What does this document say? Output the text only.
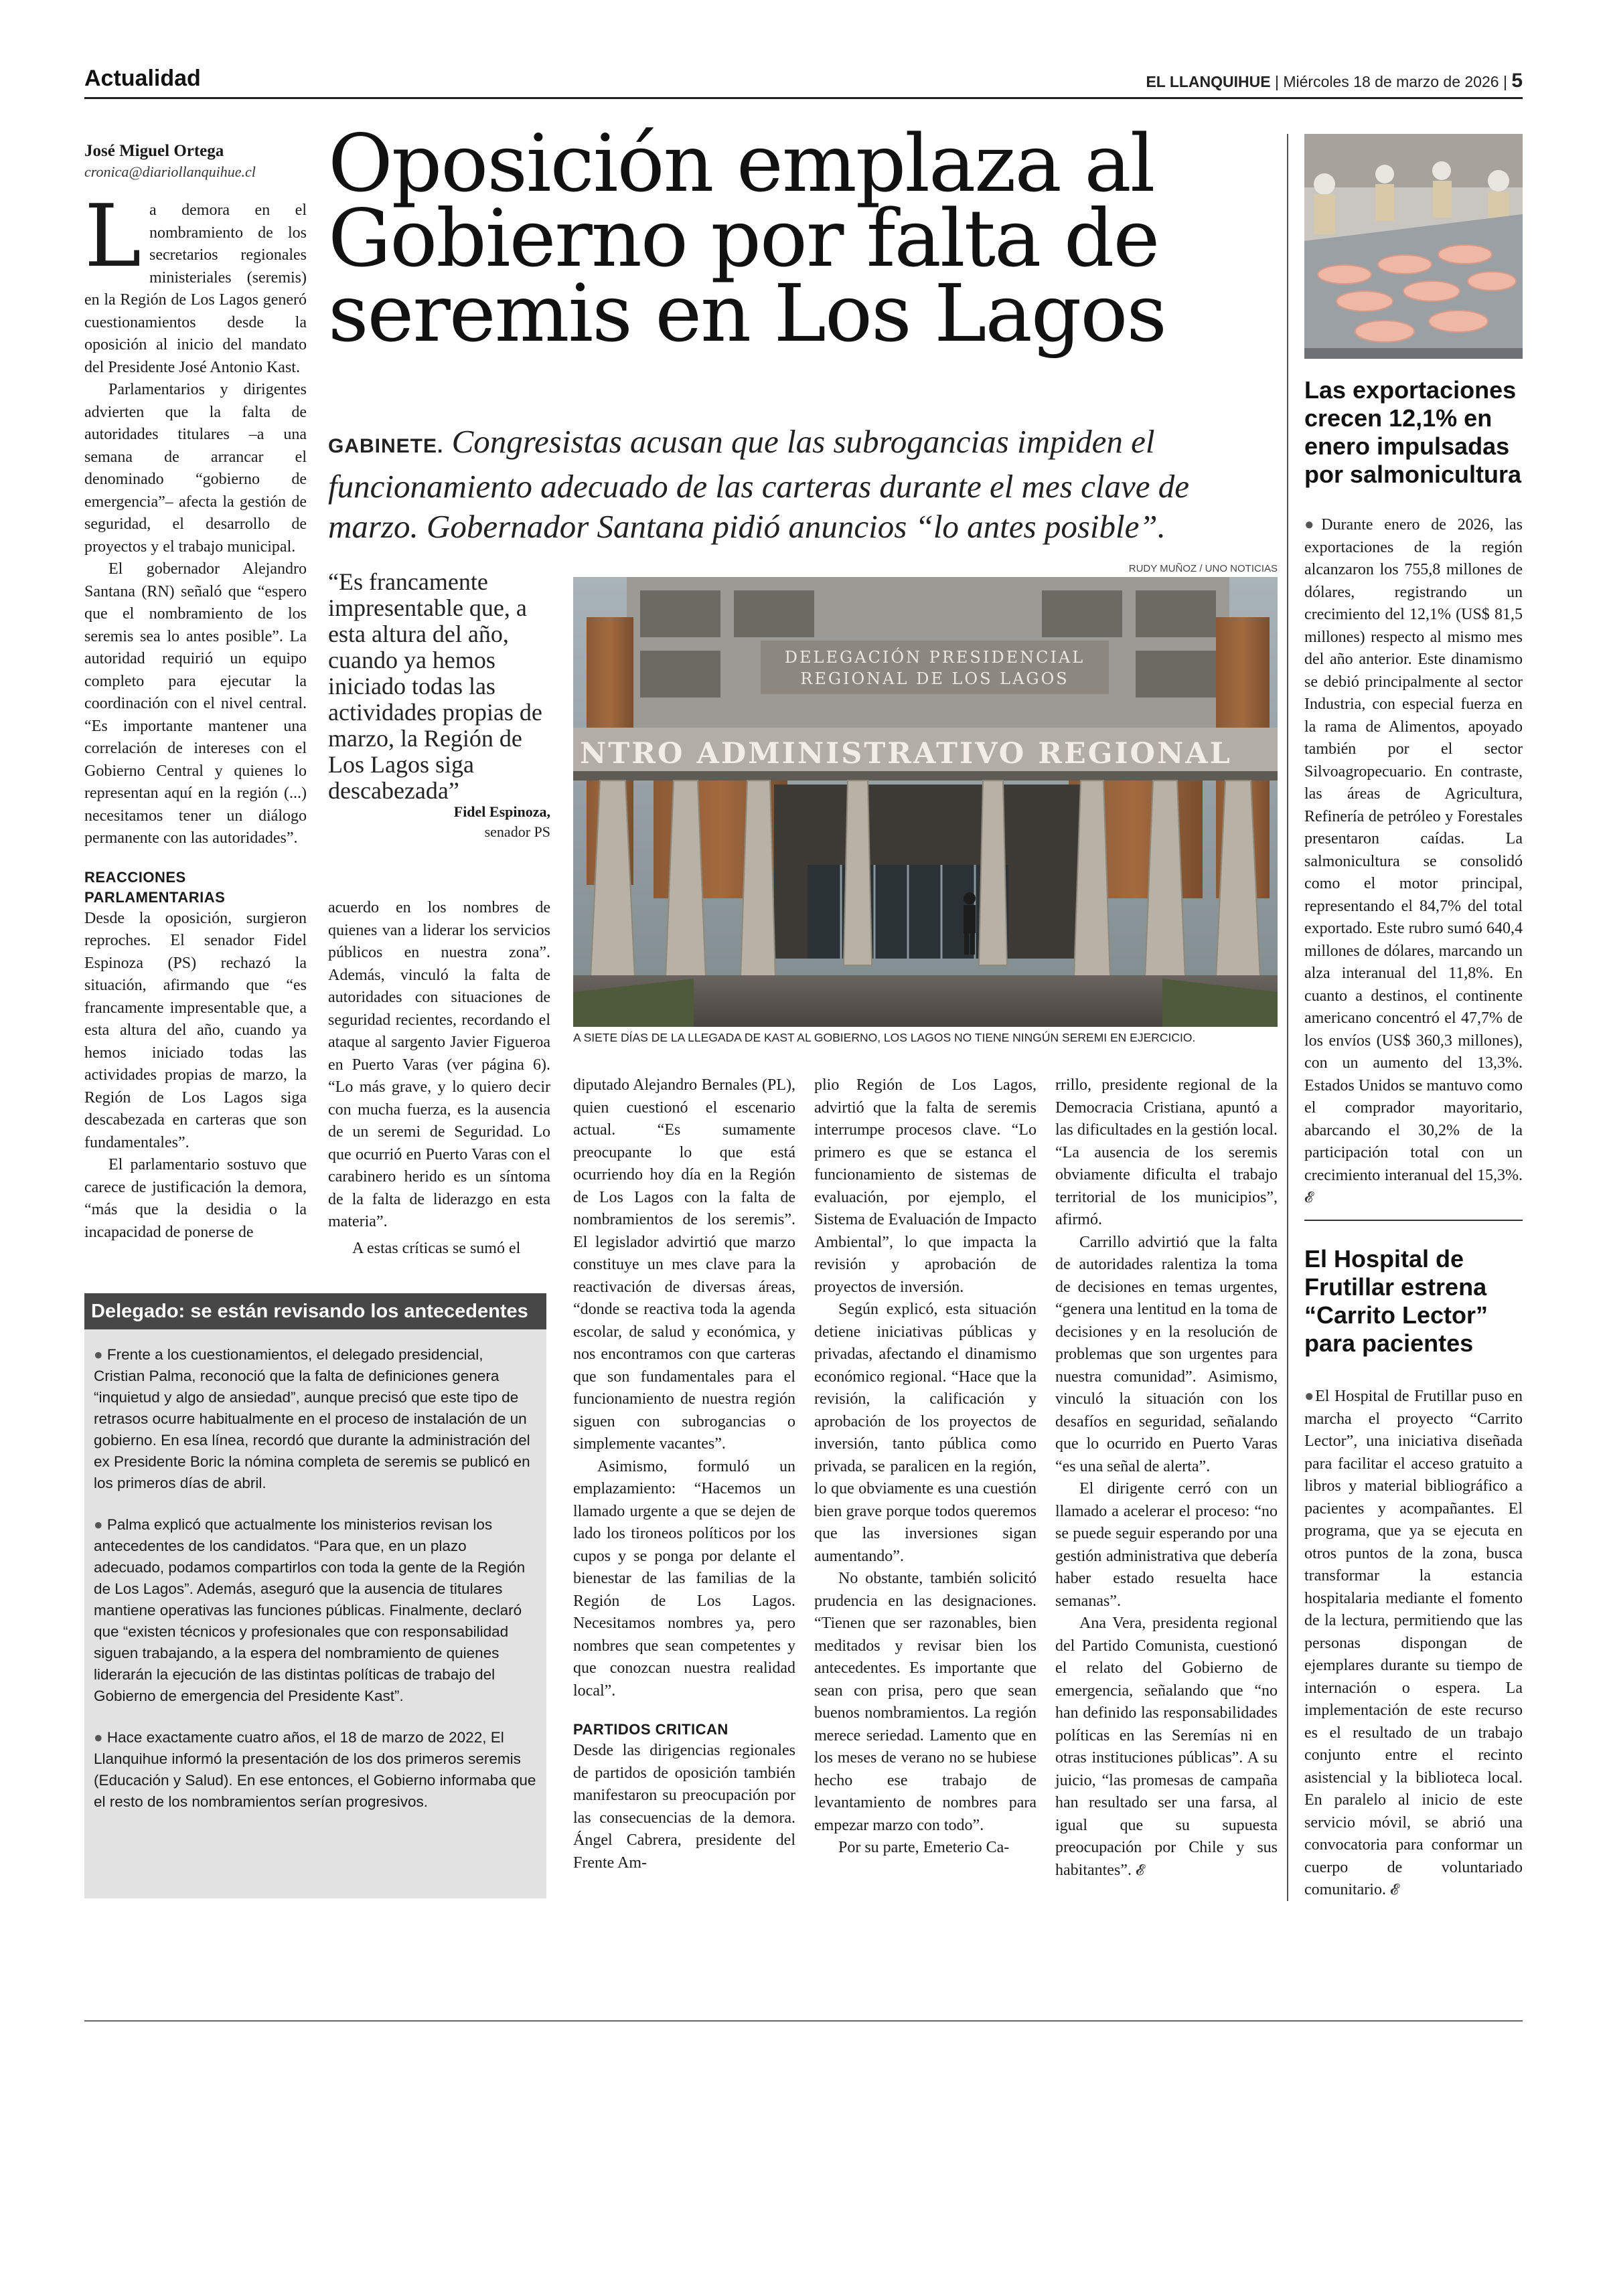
Actualidad	EL LLANQUIHUE | Miércoles 18 de marzo de 2026 | 5
José Miguel Ortega
cronica@diariollanquihue.cl Oposición emplaza al Gobierno por falta de seremis en Los Lagos
GABINETE. Congresistas acusan que las subrogancias impiden el funcionamiento adecuado de las carteras durante el mes clave de marzo. Gobernador Santana pidió anuncios “lo antes posible”.

La demora en el nombramiento de los secretarios regionales ministeriales (seremis) en la Región de Los Lagos generó cuestionamientos desde la oposición al inicio del mandato del Presidente José Antonio Kast.

Parlamentarios y dirigentes advierten que la falta de autoridades titulares –a una semana de arrancar el denominado “gobierno de emergencia”– afecta la gestión de seguridad, el desarrollo de proyectos y el trabajo municipal.

El gobernador Alejandro Santana (RN) señaló que “espero que el nombramiento de los seremis sea lo antes posible”. La autoridad requirió un equipo completo para ejecutar la coordinación con el nivel central. “Es importante mantener una correlación de intereses con el Gobierno Central y quienes lo representan aquí en la región (...) necesitamos tener un diálogo permanente con las autoridades”.

REACCIONES PARLAMENTARIAS

Desde la oposición, surgieron reproches. El senador Fidel Espinoza (PS) rechazó la situación, afirmando que “es francamente impresentable que, a esta altura del año, cuando ya hemos iniciado todas las actividades propias de marzo, la Región de Los Lagos siga descabezada en carteras que son fundamentales”.

El parlamentario sostuvo que carece de justificación la demora, “más que la desidia o la incapacidad de ponerse de

“Es francamente impresentable que, a esta altura del año, cuando ya hemos iniciado todas las actividades propias de marzo, la Región de Los Lagos siga descabezada”
Fidel Espinoza,
senador PS

acuerdo en los nombres de quienes van a liderar los servicios públicos en nuestra zona”. Además, vinculó la falta de autoridades con situaciones de seguridad recientes, recordando el ataque al sargento Javier Figueroa en Puerto Varas (ver página 6). “Lo más grave, y lo quiero decir con mucha fuerza, es la ausencia de un seremi de Seguridad. Lo que ocurrió en Puerto Varas con el carabinero herido es un síntoma de la falta de liderazgo en esta materia”.

A estas críticas se sumó el

RUDY MUÑOZ / UNO NOTICIAS
DELEGACIÓN PRESIDENCIAL
REGIONAL DE LOS LAGOS
NTRO ADMINISTRATIVO REGIONAL
A SIETE DÍAS DE LA LLEGADA DE KAST AL GOBIERNO, LOS LAGOS NO TIENE NINGÚN SEREMI EN EJERCICIO.

diputado Alejandro Bernales (PL), quien cuestionó el escenario actual. “Es sumamente preocupante lo que está ocurriendo hoy día en la Región de Los Lagos con la falta de nombramientos de los seremis”. El legislador advirtió que marzo constituye un mes clave para la reactivación de diversas áreas, “donde se reactiva toda la agenda escolar, de salud y económica, y nos encontramos con que carteras que son fundamentales para el funcionamiento de nuestra región siguen con subrogancias o simplemente vacantes”.

Asimismo, formuló un emplazamiento: “Hacemos un llamado urgente a que se dejen de lado los tironeos políticos por los cupos y se ponga por delante el bienestar de las familias de la Región de Los Lagos. Necesitamos nombres ya, pero nombres que sean competentes y que conozcan nuestra realidad local”.

PARTIDOS CRITICAN

Desde las dirigencias regionales de partidos de oposición también manifestaron su preocupación por las consecuencias de la demora. Ángel Cabrera, presidente del Frente Am-

plio Región de Los Lagos, advirtió que la falta de seremis interrumpe procesos clave. “Lo primero es que se estanca el funcionamiento de sistemas de evaluación, por ejemplo, el Sistema de Evaluación de Impacto Ambiental”, lo que impacta la revisión y aprobación de proyectos de inversión.

Según explicó, esta situación detiene iniciativas públicas y privadas, afectando el dinamismo económico regional. “Hace que la revisión, la calificación y aprobación de los proyectos de inversión, tanto pública como privada, se paralicen en la región, lo que obviamente es una cuestión bien grave porque todos queremos que las inversiones sigan aumentando”.

No obstante, también solicitó prudencia en las designaciones. “Tienen que ser razonables, bien meditados y revisar bien los antecedentes. Es importante que sean con prisa, pero que sean buenos nombramientos. La región merece seriedad. Lamento que en los meses de verano no se hubiese hecho ese trabajo de levantamiento de nombres para empezar marzo con todo”.

Por su parte, Emeterio Ca-

rrillo, presidente regional de la Democracia Cristiana, apuntó a las dificultades en la gestión local. “La ausencia de los seremis obviamente dificulta el trabajo territorial de los municipios”, afirmó.

Carrillo advirtió que la falta de autoridades ralentiza la toma de decisiones en temas urgentes, “genera una lentitud en la toma de decisiones y en la resolución de problemas que son urgentes para nuestra comunidad”. Asimismo, vinculó la situación con los desafíos en seguridad, señalando que lo ocurrido en Puerto Varas “es una señal de alerta”.

El dirigente cerró con un llamado a acelerar el proceso: “no se puede seguir esperando por una gestión administrativa que debería haber estado resuelta hace semanas”.

Ana Vera, presidenta regional del Partido Comunista, cuestionó el relato del Gobierno de emergencia, señalando que “no han definido las responsabilidades políticas en las Seremías ni en otras instituciones públicas”. A su juicio, “las promesas de campaña han resultado ser una farsa, al igual que su supuesta preocupación por Chile y sus habitantes”. 𝓔

Delegado: se están revisando los antecedentes

● Frente a los cuestionamientos, el delegado presidencial, Cristian Palma, reconoció que la falta de definiciones genera “inquietud y algo de ansiedad”, aunque precisó que este tipo de retrasos ocurre habitualmente en el proceso de instalación de un gobierno. En esa línea, recordó que durante la administración del ex Presidente Boric la nómina completa de seremis se publicó en los primeros días de abril.

● Palma explicó que actualmente los ministerios revisan los antecedentes de los candidatos. “Para que, en un plazo adecuado, podamos compartirlos con toda la gente de la Región de Los Lagos”. Además, aseguró que la ausencia de titulares mantiene operativas las funciones públicas. Finalmente, declaró que “existen técnicos y profesionales que con responsabilidad siguen trabajando, a la espera del nombramiento de quienes liderarán la ejecución de las distintas políticas de trabajo del Gobierno de emergencia del Presidente Kast”.

● Hace exactamente cuatro años, el 18 de marzo de 2022, El Llanquihue informó la presentación de los dos primeros seremis (Educación y Salud). En ese entonces, el Gobierno informaba que el resto de los nombramientos serían progresivos.

Las exportaciones crecen 12,1% en enero impulsadas por salmonicultura

●Durante enero de 2026, las exportaciones de la región alcanzaron los 755,8 millones de dólares, registrando un crecimiento del 12,1% (US$ 81,5 millones) respecto al mismo mes del año anterior. Este dinamismo se debió principalmente al sector Industria, con especial fuerza en la rama de Alimentos, apoyado también por el sector Silvoagropecuario. En contraste, las áreas de Agricultura, Refinería de petróleo y Forestales presentaron caídas. La salmonicultura se consolidó como el motor principal, representando el 84,7% del total exportado. Este rubro sumó 640,4 millones de dólares, marcando un alza interanual del 11,8%. En cuanto a destinos, el continente americano concentró el 47,7% de los envíos (US$ 360,3 millones), con un aumento del 13,3%. Estados Unidos se mantuvo como el comprador mayoritario, abarcando el 30,2% de la participación total con un crecimiento interanual del 15,3%. 𝓔

El Hospital de Frutillar estrena “Carrito Lector” para pacientes

●El Hospital de Frutillar puso en marcha el proyecto “Carrito Lector”, una iniciativa diseñada para facilitar el acceso gratuito a libros y material bibliográfico a pacientes y acompañantes. El programa, que ya se ejecuta en otros puntos de la zona, busca transformar la estancia hospitalaria mediante el fomento de la lectura, permitiendo que las personas dispongan de ejemplares durante su tiempo de internación o espera. La implementación de este recurso es el resultado de un trabajo conjunto entre el recinto asistencial y la biblioteca local. En paralelo al inicio de este servicio móvil, se abrió una convocatoria para conformar un cuerpo de voluntariado comunitario. 𝓔
